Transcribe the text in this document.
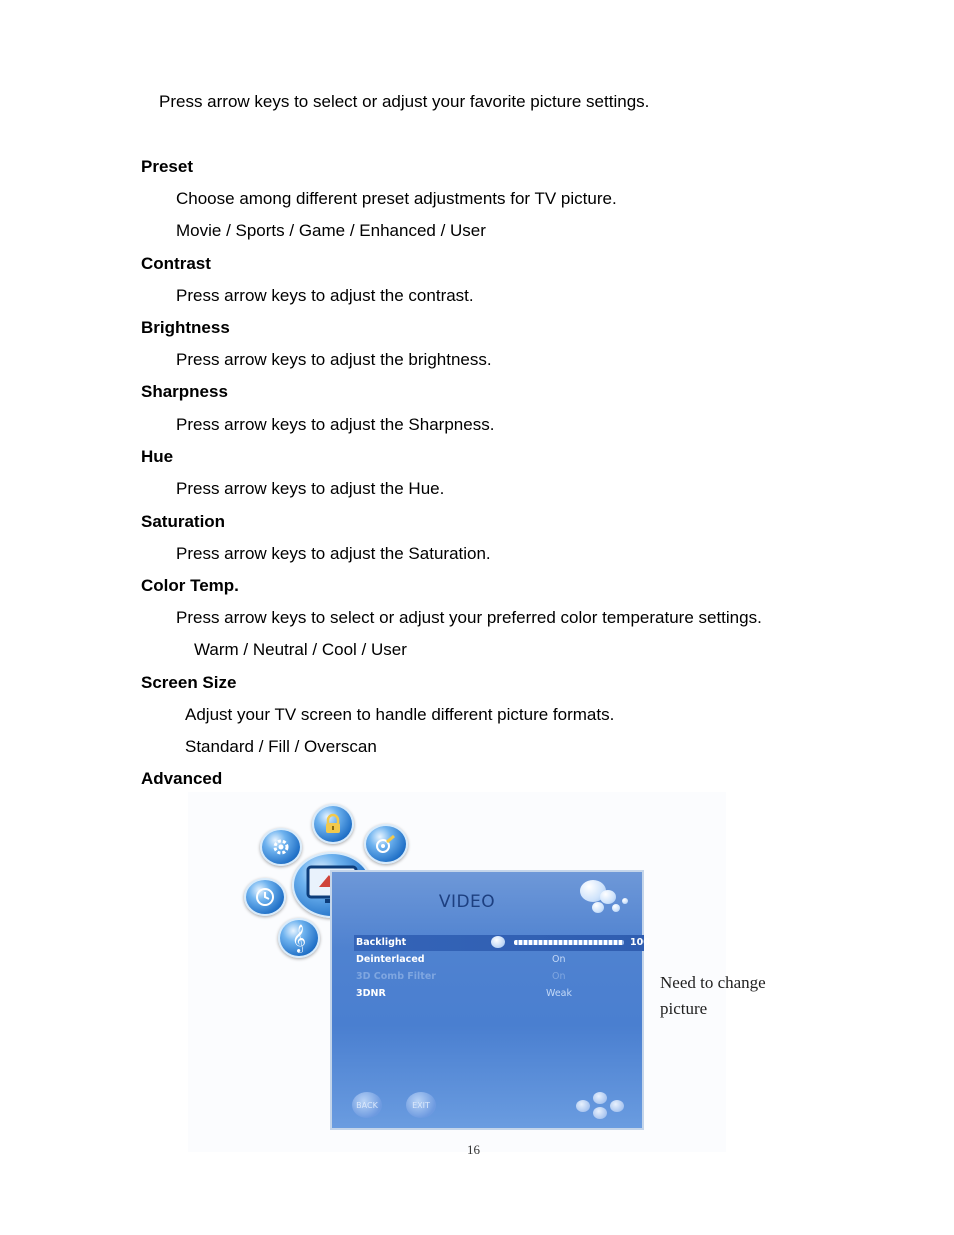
Press arrow keys to select or adjust your favorite picture settings.
Preset
Choose among different preset adjustments for TV picture.
Movie / Sports / Game / Enhanced / User
Contrast
Press arrow keys to adjust the contrast.
Brightness
Press arrow keys to adjust the brightness.
Sharpness
Press arrow keys to adjust the Sharpness.
Hue
Press arrow keys to adjust the Hue.
Saturation
Press arrow keys to adjust the Saturation.
Color Temp.
Press arrow keys to select or adjust your preferred color temperature settings.
Warm / Neutral / Cool / User
Screen Size
Adjust your TV screen to handle different picture formats.
Standard / Fill / Overscan
Advanced
𝄞
VIDEO
Backlight	100
Deinterlaced	On
3D Comb Filter	On
3DNR	Weak
BACK	EXIT
Need to change picture
16
